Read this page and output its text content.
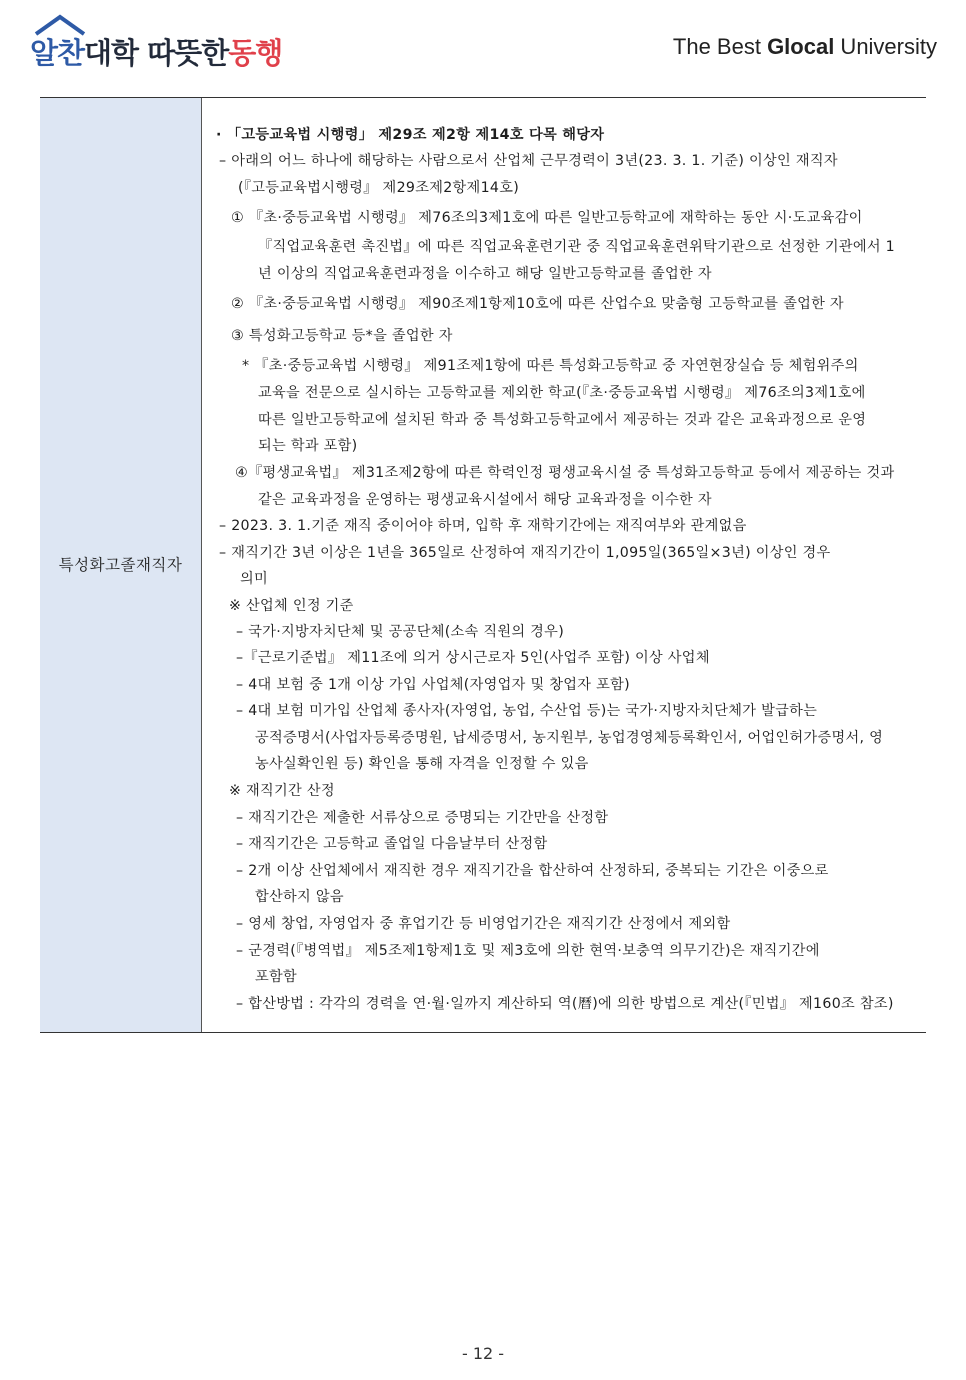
알찬대학 따뜻한동행	The Best Glocal University
특성화고졸재직자
· 「고등교육법 시행령」 제29조 제2항 제14호 다목 해당자
– 아래의 어느 하나에 해당하는 사람으로서 산업체 근무경력이 3년(23. 3. 1. 기준) 이상인 재직자
(『고등교육법시행령』 제29조제2항제14호)
① 『초·중등교육법 시행령』 제76조의3제1호에 따른 일반고등학교에 재학하는 동안 시·도교육감이
『직업교육훈련 촉진법』에 따른 직업교육훈련기관 중 직업교육훈련위탁기관으로 선정한 기관에서 1
년 이상의 직업교육훈련과정을 이수하고 해당 일반고등학교를 졸업한 자
② 『초·중등교육법 시행령』 제90조제1항제10호에 따른 산업수요 맞춤형 고등학교를 졸업한 자
③ 특성화고등학교 등*을 졸업한 자
* 『초·중등교육법 시행령』 제91조제1항에 따른 특성화고등학교 중 자연현장실습 등 체험위주의
교육을 전문으로 실시하는 고등학교를 제외한 학교(『초·중등교육법 시행령』 제76조의3제1호에
따른 일반고등학교에 설치된 학과 중 특성화고등학교에서 제공하는 것과 같은 교육과정으로 운영
되는 학과 포함)
④『평생교육법』 제31조제2항에 따른 학력인정 평생교육시설 중 특성화고등학교 등에서 제공하는 것과
같은 교육과정을 운영하는 평생교육시설에서 해당 교육과정을 이수한 자
– 2023. 3. 1.기준 재직 중이어야 하며, 입학 후 재학기간에는 재직여부와 관계없음
– 재직기간 3년 이상은 1년을 365일로 산정하여 재직기간이 1,095일(365일×3년) 이상인 경우
의미
※ 산업체 인정 기준
– 국가·지방자치단체 및 공공단체(소속 직원의 경우)
–『근로기준법』 제11조에 의거 상시근로자 5인(사업주 포함) 이상 사업체
– 4대 보험 중 1개 이상 가입 사업체(자영업자 및 창업자 포함)
– 4대 보험 미가입 산업체 종사자(자영업, 농업, 수산업 등)는 국가·지방자치단체가 발급하는
공적증명서(사업자등록증명원, 납세증명서, 농지원부, 농업경영체등록확인서, 어업인허가증명서, 영
농사실확인원 등) 확인을 통해 자격을 인정할 수 있음
※ 재직기간 산정
– 재직기간은 제출한 서류상으로 증명되는 기간만을 산정함
– 재직기간은 고등학교 졸업일 다음날부터 산정함
– 2개 이상 산업체에서 재직한 경우 재직기간을 합산하여 산정하되, 중복되는 기간은 이중으로
합산하지 않음
– 영세 창업, 자영업자 중 휴업기간 등 비영업기간은 재직기간 산정에서 제외함
– 군경력(『병역법』 제5조제1항제1호 및 제3호에 의한 현역·보충역 의무기간)은 재직기간에
포함함
– 합산방법 : 각각의 경력을 연·월·일까지 계산하되 역(曆)에 의한 방법으로 계산(『민법』 제160조 참조)
- 12 -
